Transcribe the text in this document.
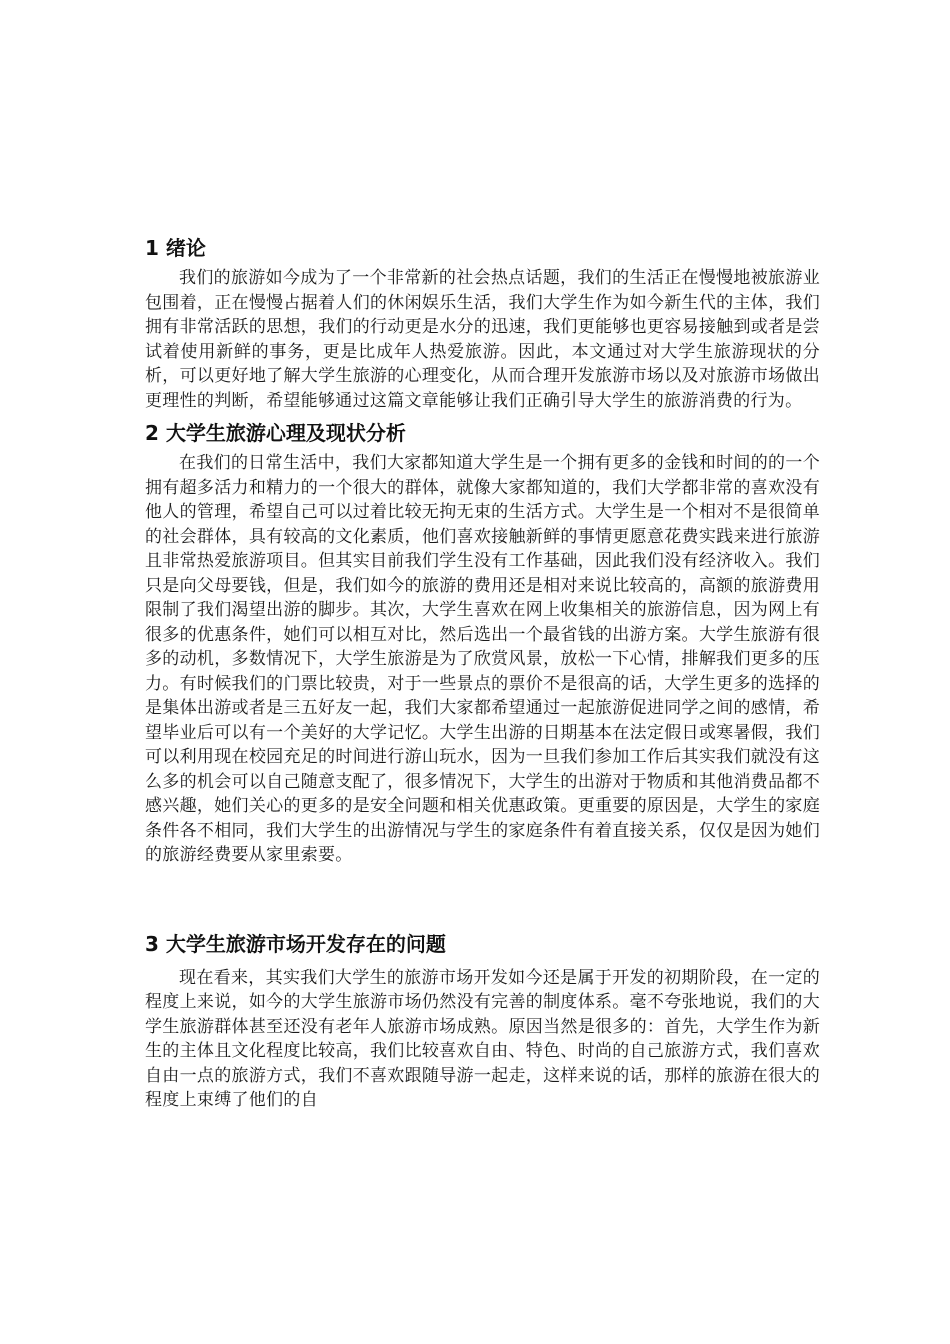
1 绪论

我们的旅游如今成为了一个非常新的社会热点话题，我们的生活正在慢慢地被旅游业包围着，正在慢慢占据着人们的休闲娱乐生活，我们大学生作为如今新生代的主体，我们拥有非常活跃的思想，我们的行动更是水分的迅速，我们更能够也更容易接触到或者是尝试着使用新鲜的事务，更是比成年人热爱旅游。因此，本文通过对大学生旅游现状的分析，可以更好地了解大学生旅游的心理变化，从而合理开发旅游市场以及对旅游市场做出更理性的判断，希望能够通过这篇文章能够让我们正确引导大学生的旅游消费的行为。

2 大学生旅游心理及现状分析

在我们的日常生活中，我们大家都知道大学生是一个拥有更多的金钱和时间的的一个拥有超多活力和精力的一个很大的群体，就像大家都知道的，我们大学都非常的喜欢没有他人的管理，希望自己可以过着比较无拘无束的生活方式。大学生是一个相对不是很简单的社会群体，具有较高的文化素质，他们喜欢接触新鲜的事情更愿意花费实践来进行旅游且非常热爱旅游项目。但其实目前我们学生没有工作基础，因此我们没有经济收入。我们只是向父母要钱，但是，我们如今的旅游的费用还是相对来说比较高的，高额的旅游费用限制了我们渴望出游的脚步。其次，大学生喜欢在网上收集相关的旅游信息，因为网上有很多的优惠条件，她们可以相互对比，然后选出一个最省钱的出游方案。大学生旅游有很多的动机，多数情况下，大学生旅游是为了欣赏风景，放松一下心情，排解我们更多的压力。有时候我们的门票比较贵，对于一些景点的票价不是很高的话，大学生更多的选择的是集体出游或者是三五好友一起，我们大家都希望通过一起旅游促进同学之间的感情，希望毕业后可以有一个美好的大学记忆。大学生出游的日期基本在法定假日或寒暑假，我们可以利用现在校园充足的时间进行游山玩水，因为一旦我们参加工作后其实我们就没有这么多的机会可以自己随意支配了，很多情况下，大学生的出游对于物质和其他消费品都不感兴趣，她们关心的更多的是安全问题和相关优惠政策。更重要的原因是，大学生的家庭条件各不相同，我们大学生的出游情况与学生的家庭条件有着直接关系，仅仅是因为她们的旅游经费要从家里索要。

3 大学生旅游市场开发存在的问题

现在看来，其实我们大学生的旅游市场开发如今还是属于开发的初期阶段，在一定的程度上来说，如今的大学生旅游市场仍然没有完善的制度体系。毫不夸张地说，我们的大学生旅游群体甚至还没有老年人旅游市场成熟。原因当然是很多的：首先，大学生作为新生的主体且文化程度比较高，我们比较喜欢自由、特色、时尚的自己旅游方式，我们喜欢自由一点的旅游方式，我们不喜欢跟随导游一起走，这样来说的话，那样的旅游在很大的程度上束缚了他们的自
